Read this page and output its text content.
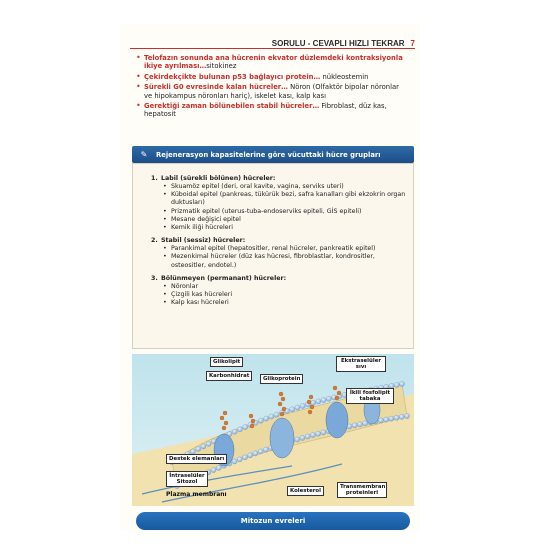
SORULU - CEVAPLI HIZLI TEKRAR 7
• Telofazın sonunda ana hücrenin ekvator düzlemdeki kontraksiyonla ikiye ayrılması…sitokinez
• Çekirdekçikte bulunan p53 bağlayıcı protein… nükleostemin
• Sürekli G0 evresinde kalan hücreler… Nöron (Olfaktör bipolar nöronlar ve hipokampus nöronları hariç), iskelet kası, kalp kası
• Gerektiği zaman bölünebilen stabil hücreler… Fibroblast, düz kas, hepatosit
✎	Rejenerasyon kapasitelerine göre vücuttaki hücre grupları
1. Labil (sürekli bölünen) hücreler:
• Skuamöz epitel (deri, oral kavite, vagina, serviks uteri)
• Küboidal epitel (pankreas, tükürük bezi, safra kanalları gibi ekzokrin organ duktusları)
• Prizmatik epitel (uterus-tuba-endoserviks epiteli, GİS epiteli)
• Mesane değişici epitel
• Kemik iliği hücreleri
2. Stabil (sessiz) hücreler:
• Parankimal epitel (hepatositler, renal hücreler, pankreatik epitel)
• Mezenkimal hücreler (düz kas hücresi, fibroblastlar, kondrositler, osteositler, endotel.)
3. Bölünmeyen (permanant) hücreler:
• Nöronlar
• Çizgili kas hücreleri
• Kalp kası hücreleri
Glikolipit
Karbonhidrat	Glikoprotein
Ekstraselüler sıvı
İkili fosfolipit tabaka
Destek elemanları
İntraselüler Sitozol
Plazma membranı	Kolesterol
Transmembran proteinleri
Mitozun evreleri
